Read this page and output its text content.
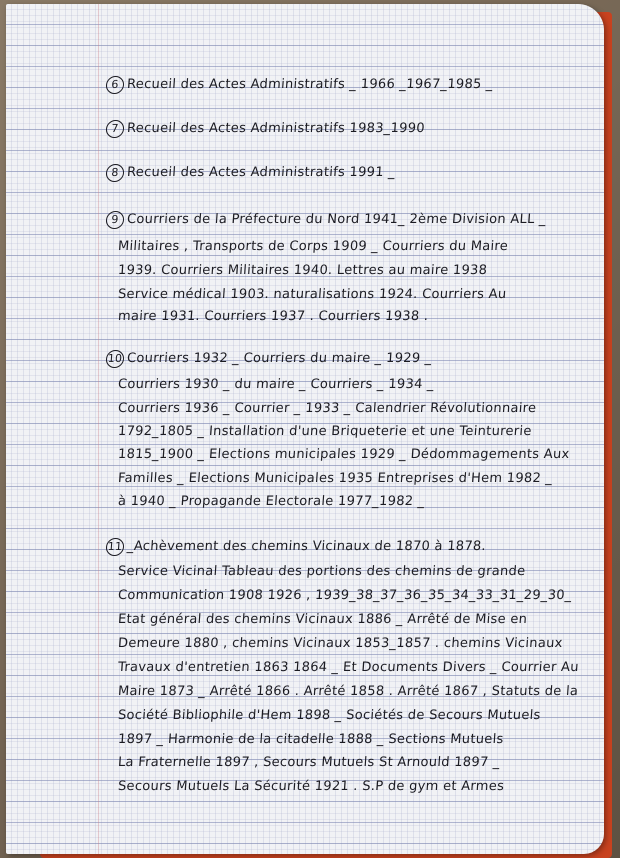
6 Recueil des Actes Administratifs _ 1966 _1967_1985 _
7 Recueil des Actes Administratifs 1983_1990
8 Recueil des Actes Administratifs 1991 _
9 Courriers de la Préfecture du Nord 1941_ 2ème Division ALL _
Militaires , Transports de Corps 1909 _ Courriers du Maire
1939. Courriers Militaires 1940. Lettres au maire 1938
Service médical 1903. naturalisations 1924. Courriers Au
maire 1931. Courriers 1937 . Courriers 1938 .
10 Courriers 1932 _ Courriers du maire _ 1929 _
Courriers 1930 _ du maire _ Courriers _ 1934 _
Courriers 1936 _ Courrier _ 1933 _ Calendrier Révolutionnaire
1792_1805 _ Installation d'une Briqueterie et une Teinturerie
1815_1900 _ Elections municipales 1929 _ Dédommagements Aux
Familles _ Elections Municipales 1935 Entreprises d'Hem 1982 _
à 1940 _ Propagande Electorale 1977_1982 _
11 _Achèvement des chemins Vicinaux de 1870 à 1878.
Service Vicinal Tableau des portions des chemins de grande
Communication 1908 1926 , 1939_38_37_36_35_34_33_31_29_30_
Etat général des chemins Vicinaux 1886 _ Arrêté de Mise en
Demeure 1880 , chemins Vicinaux 1853_1857 . chemins Vicinaux
Travaux d'entretien 1863 1864 _ Et Documents Divers _ Courrier Au
Maire 1873 _ Arrêté 1866 . Arrêté 1858 . Arrêté 1867 , Statuts de la
Société Bibliophile d'Hem 1898 _ Sociétés de Secours Mutuels
1897 _ Harmonie de la citadelle 1888 _ Sections Mutuels
La Fraternelle 1897 , Secours Mutuels St Arnould 1897 _
Secours Mutuels La Sécurité 1921 . S.P de gym et Armes
